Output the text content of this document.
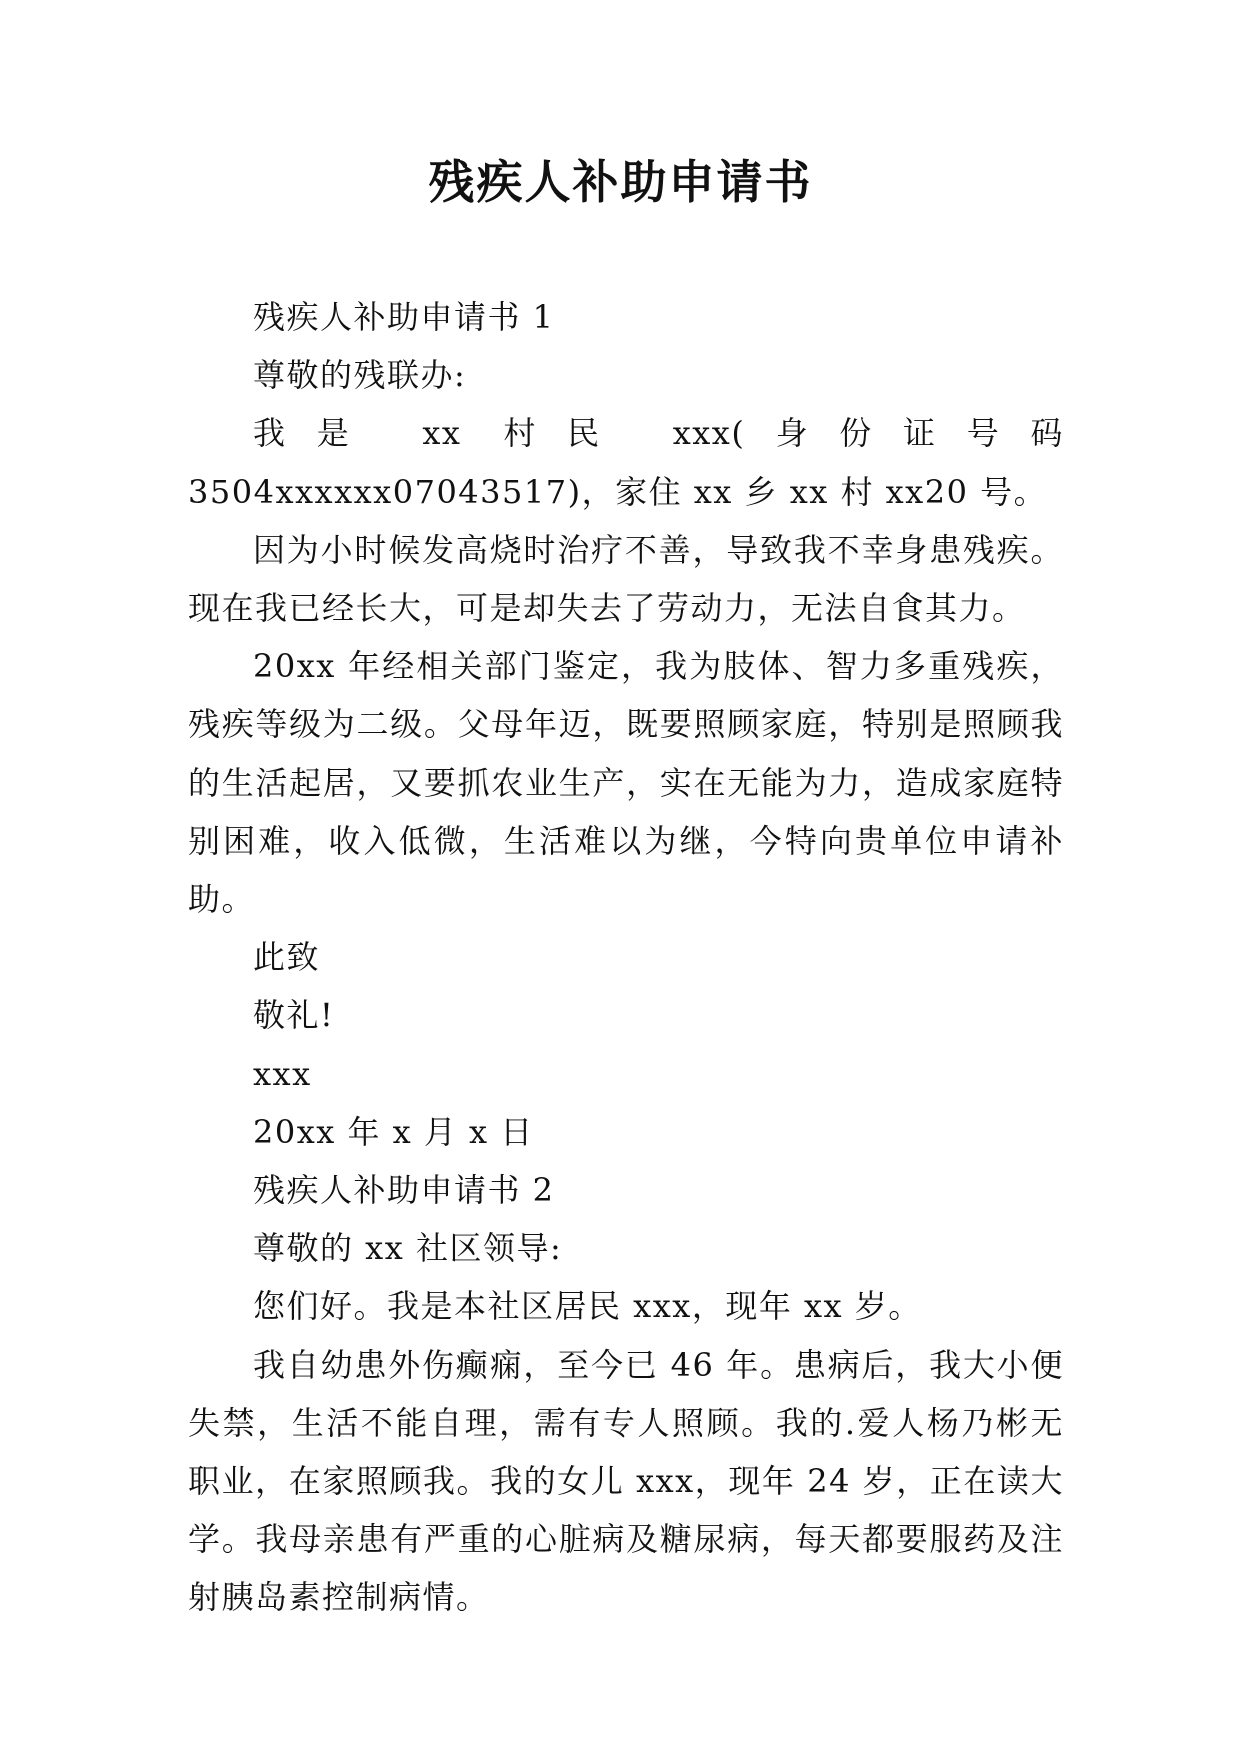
残疾人补助申请书

残疾人补助申请书 1

尊敬的残联办:

我是 xx 村民 xxx(身份证号码 3504xxxxxx07043517)，家住 xx 乡 xx 村 xx20 号。

因为小时候发高烧时治疗不善，导致我不幸身患残疾。现在我已经长大，可是却失去了劳动力，无法自食其力。

20xx 年经相关部门鉴定，我为肢体、智力多重残疾，残疾等级为二级。父母年迈，既要照顾家庭，特别是照顾我的生活起居，又要抓农业生产，实在无能为力，造成家庭特别困难，收入低微，生活难以为继，今特向贵单位申请补助。

此致

敬礼!

xxx

20xx 年 x 月 x 日

残疾人补助申请书 2

尊敬的 xx 社区领导:

您们好。我是本社区居民 xxx，现年 xx 岁。

我自幼患外伤癫痫，至今已 46 年。患病后，我大小便失禁，生活不能自理，需有专人照顾。我的.爱人杨乃彬无职业，在家照顾我。我的女儿 xxx，现年 24 岁，正在读大学。我母亲患有严重的心脏病及糖尿病，每天都要服药及注射胰岛素控制病情。
